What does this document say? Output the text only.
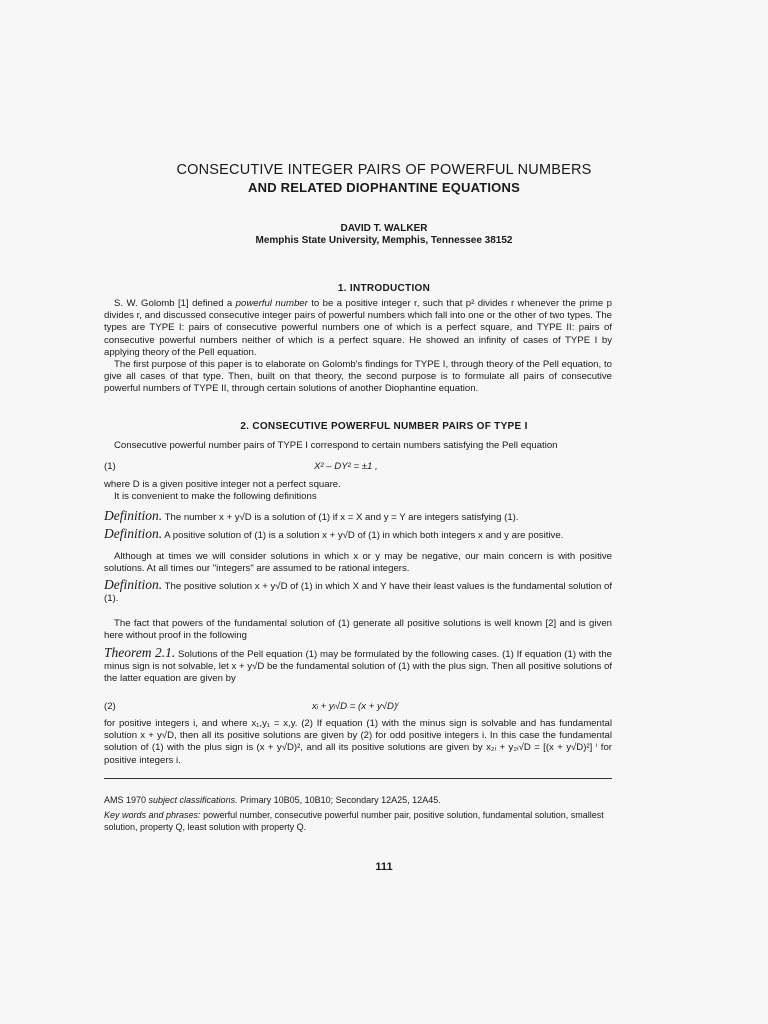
CONSECUTIVE INTEGER PAIRS OF POWERFUL NUMBERS
AND RELATED DIOPHANTINE EQUATIONS
DAVID T. WALKER
Memphis State University, Memphis, Tennessee 38152
1. INTRODUCTION

S. W. Golomb [1] defined a powerful number to be a positive integer r, such that p² divides r whenever the prime p divides r, and discussed consecutive integer pairs of powerful numbers which fall into one or the other of two types. The types are TYPE I: pairs of consecutive powerful numbers one of which is a perfect square, and TYPE II: pairs of consecutive powerful numbers neither of which is a perfect square. He showed an infinity of cases of TYPE I by applying theory of the Pell equation.

The first purpose of this paper is to elaborate on Golomb's findings for TYPE I, through theory of the Pell equation, to give all cases of that type. Then, built on that theory, the second purpose is to formulate all pairs of consecutive powerful numbers of TYPE II, through certain solutions of another Diophantine equation.

2. CONSECUTIVE POWERFUL NUMBER PAIRS OF TYPE I

Consecutive powerful number pairs of TYPE I correspond to certain numbers satisfying the Pell equation

(1)	X² – DY² = ±1 ,

where D is a given positive integer not a perfect square.

It is convenient to make the following definitions

Definition. The number x + y√D is a solution of (1) if x = X and y = Y are integers satisfying (1).

Definition. A positive solution of (1) is a solution x + y√D of (1) in which both integers x and y are positive.

Although at times we will consider solutions in which x or y may be negative, our main concern is with positive solutions. At all times our "integers" are assumed to be rational integers.

Definition. The positive solution x + y√D of (1) in which X and Y have their least values is the fundamental solution of (1).

The fact that powers of the fundamental solution of (1) generate all positive solutions is well known [2] and is given here without proof in the following

Theorem 2.1. Solutions of the Pell equation (1) may be formulated by the following cases. (1) If equation (1) with the minus sign is not solvable, let x + y√D be the fundamental solution of (1) with the plus sign. Then all positive solutions of the latter equation are given by

(2)	xᵢ + yᵢ√D = (x + y√D)ⁱ

for positive integers i, and where x₁,y₁ = x,y. (2) If equation (1) with the minus sign is solvable and has fundamental solution x + y√D, then all its positive solutions are given by (2) for odd positive integers i. In this case the fundamental solution of (1) with the plus sign is (x + y√D)², and all its positive solutions are given by x₂ᵢ + y₂ᵢ√D = [(x + y√D)²] ⁱ for positive integers i.

AMS 1970 subject classifications. Primary 10B05, 10B10; Secondary 12A25, 12A45.
Key words and phrases: powerful number, consecutive powerful number pair, positive solution, fundamental solution, smallest solution, property Q, least solution with property Q.
111
